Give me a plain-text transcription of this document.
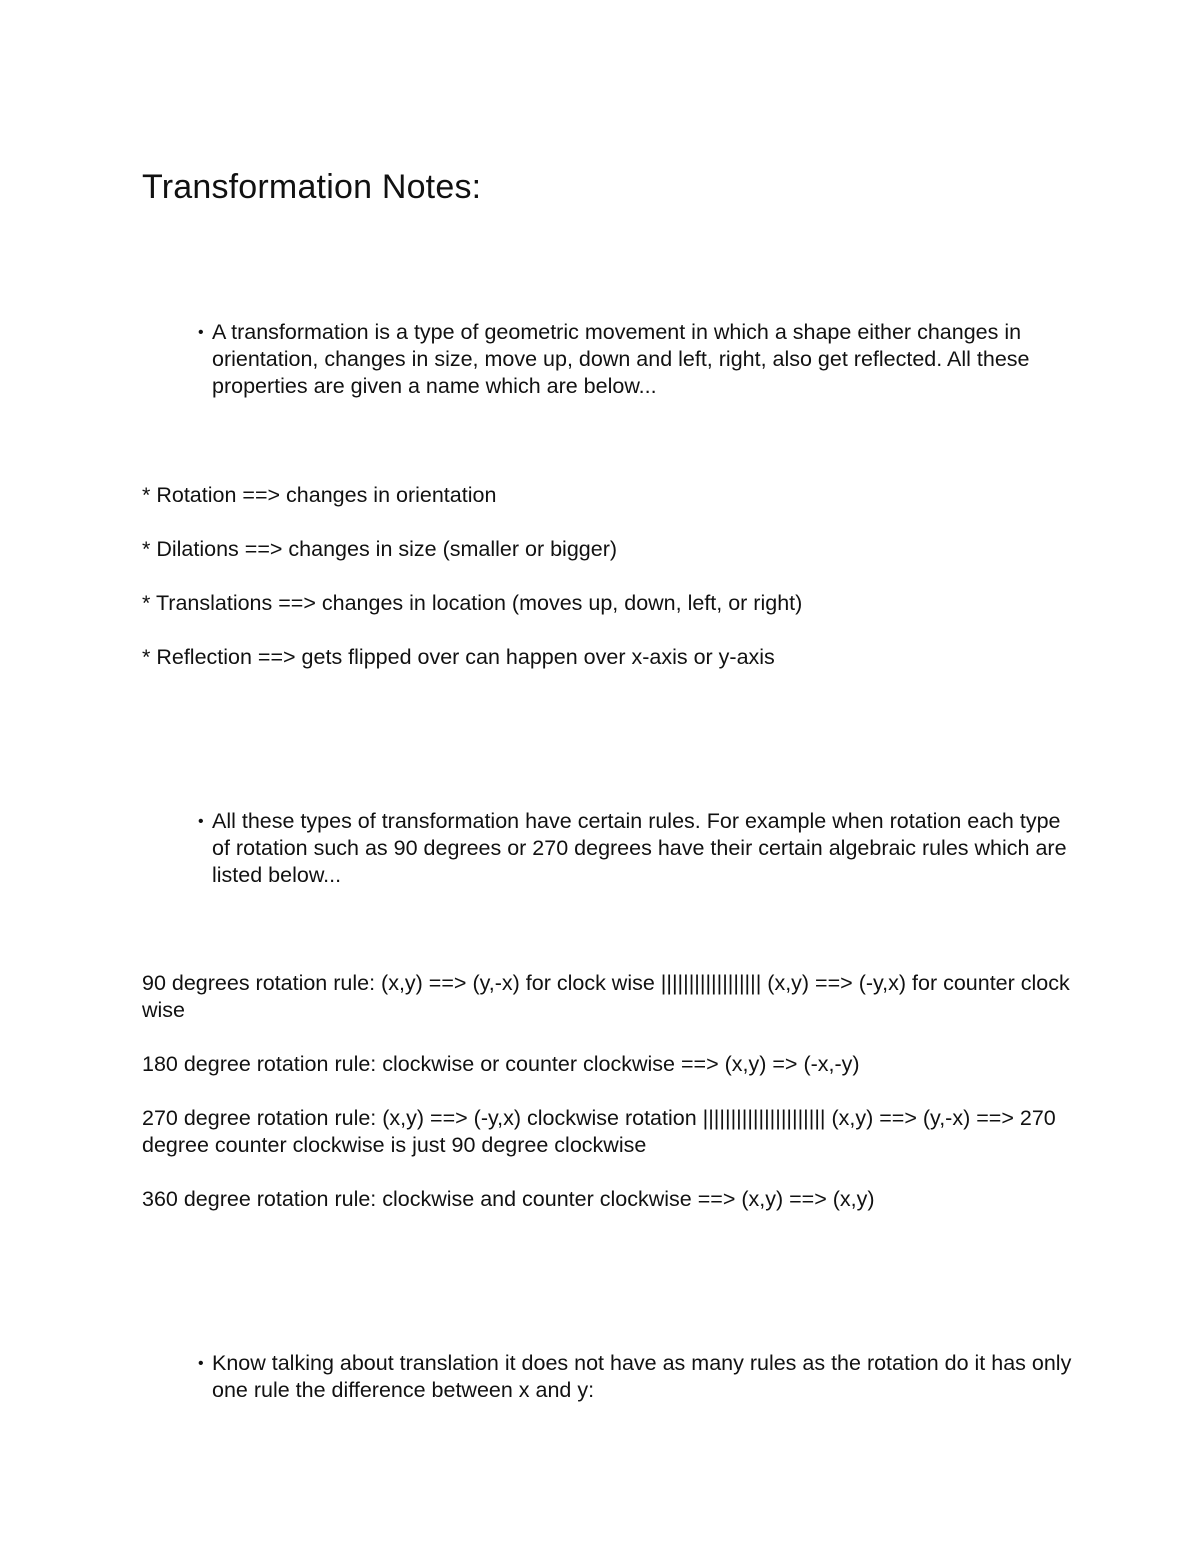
Transformation Notes:
• A transformation is a type of geometric movement in which a shape either changes in orientation, changes in size, move up, down and left, right, also get reflected. All these properties are given a name which are below...
* Rotation ==> changes in orientation
* Dilations ==> changes in size (smaller or bigger)
* Translations ==> changes in location (moves up, down, left, or right)
* Reflection ==> gets flipped over can happen over x-axis or y-axis
• All these types of transformation have certain rules. For example when rotation each type of rotation such as 90 degrees or 270 degrees have their certain algebraic rules which are listed below...
90 degrees rotation rule: (x,y) ==> (y,-x) for clock wise |||||||||||||||||| (x,y) ==> (-y,x) for counter clock wise
180 degree rotation rule: clockwise or counter clockwise ==> (x,y) => (-x,-y)
270 degree rotation rule: (x,y) ==> (-y,x) clockwise rotation |||||||||||||||||||||| (x,y) ==> (y,-x) ==> 270 degree counter clockwise is just 90 degree clockwise
360 degree rotation rule: clockwise and counter clockwise ==> (x,y) ==> (x,y)
• Know talking about translation it does not have as many rules as the rotation do it has only one rule the difference between x and y:
